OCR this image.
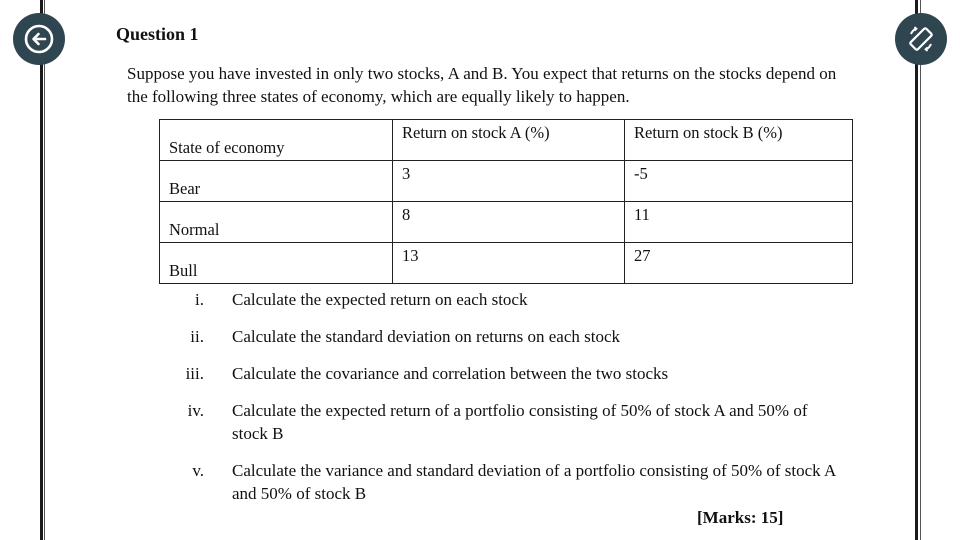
Question 1
Suppose you have invested in only two stocks, A and B. You expect that returns on the stocks depend on the following three states of economy, which are equally likely to happen.
State of economy	Return on stock A (%)	Return on stock B (%)
Bear	3	-5
Normal	8	11
Bull	13	27
i. Calculate the expected return on each stock
ii. Calculate the standard deviation on returns on each stock
iii. Calculate the covariance and correlation between the two stocks
iv. Calculate the expected return of a portfolio consisting of 50% of stock A and 50% of stock B
v. Calculate the variance and standard deviation of a portfolio consisting of 50% of stock A and 50% of stock B
[Marks: 15]
